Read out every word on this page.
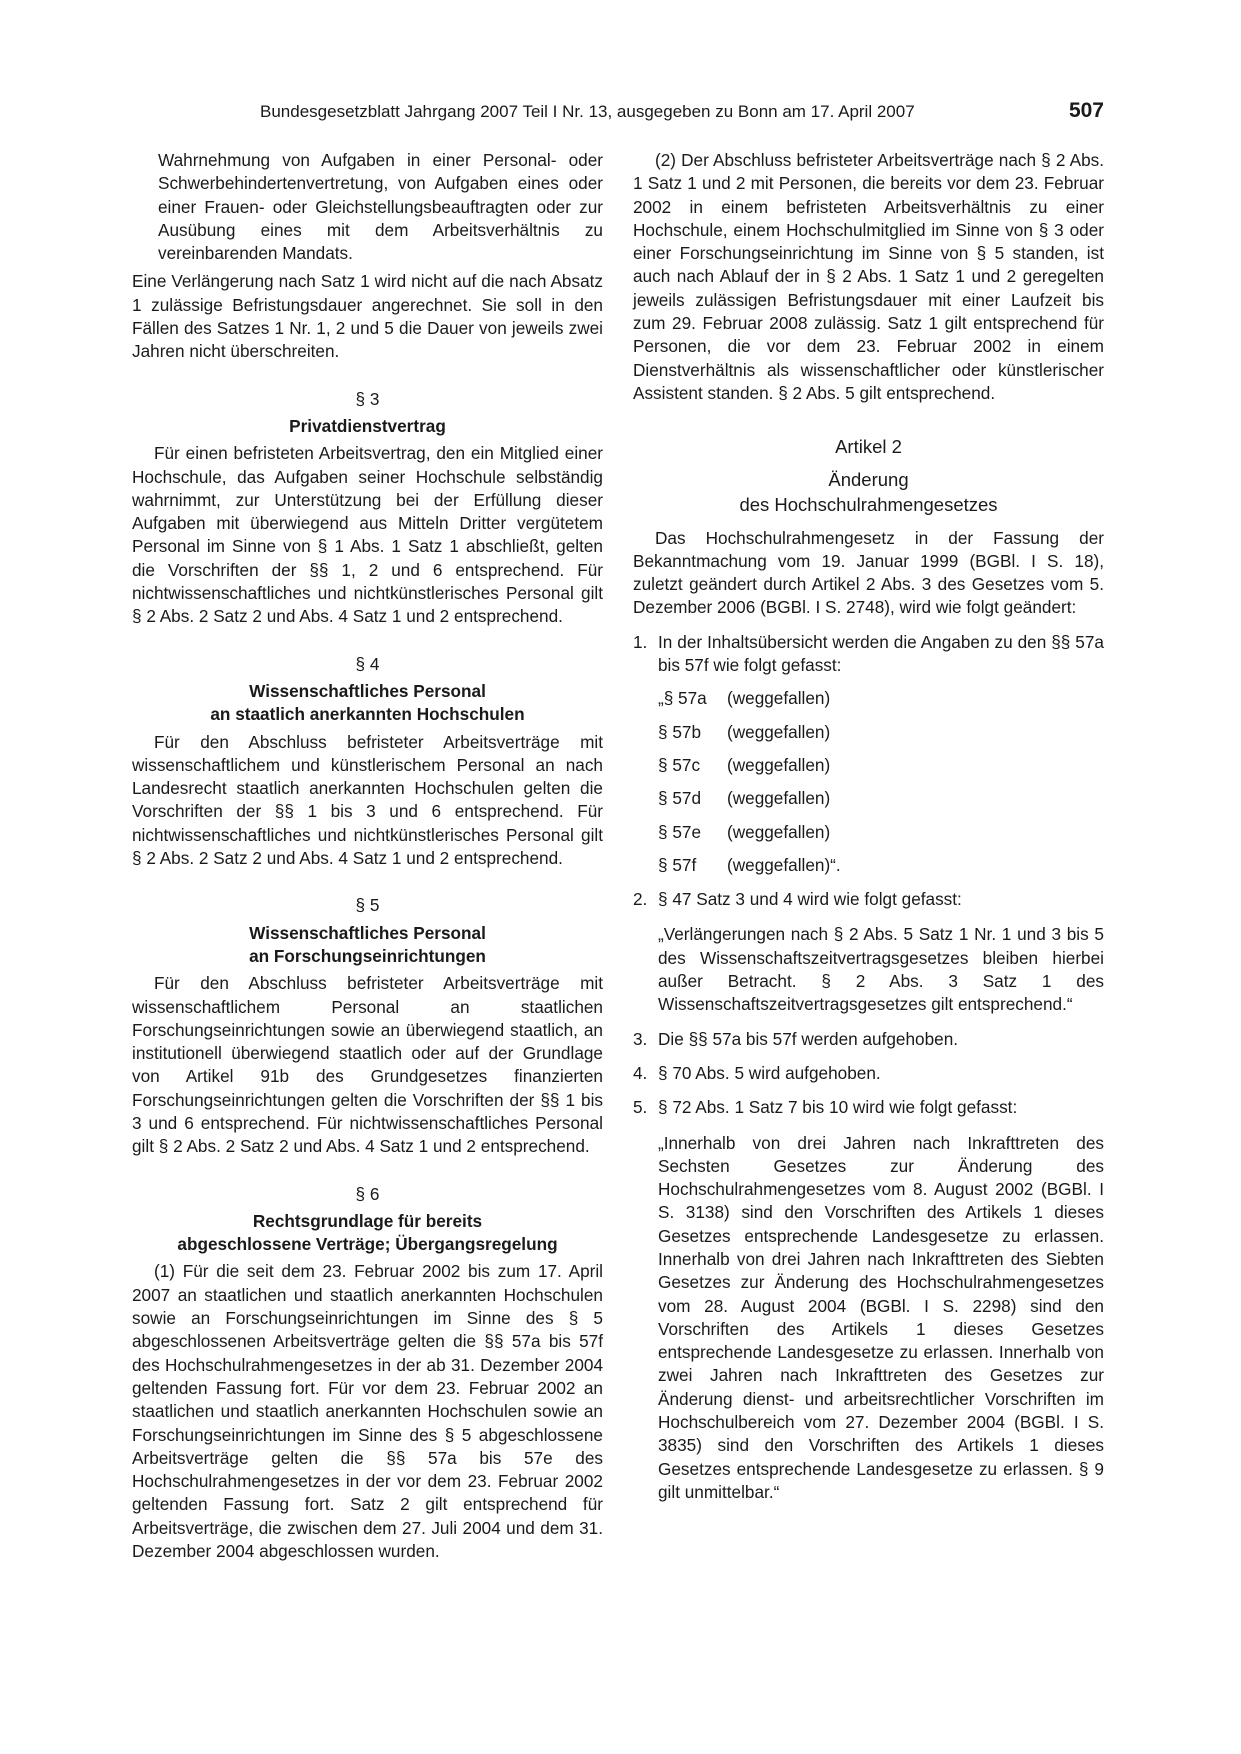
Bundesgesetzblatt Jahrgang 2007 Teil I Nr. 13, ausgegeben zu Bonn am 17. April 2007	507

Wahrnehmung von Aufgaben in einer Personal- oder Schwerbehindertenvertretung, von Aufgaben eines oder einer Frauen- oder Gleichstellungsbeauftragten oder zur Ausübung eines mit dem Arbeitsverhältnis zu vereinbarenden Mandats.

Eine Verlängerung nach Satz 1 wird nicht auf die nach Absatz 1 zulässige Befristungsdauer angerechnet. Sie soll in den Fällen des Satzes 1 Nr. 1, 2 und 5 die Dauer von jeweils zwei Jahren nicht überschreiten.

§ 3

Privatdienstvertrag

Für einen befristeten Arbeitsvertrag, den ein Mitglied einer Hochschule, das Aufgaben seiner Hochschule selbständig wahrnimmt, zur Unterstützung bei der Erfüllung dieser Aufgaben mit überwiegend aus Mitteln Dritter vergütetem Personal im Sinne von § 1 Abs. 1 Satz 1 abschließt, gelten die Vorschriften der §§ 1, 2 und 6 entsprechend. Für nichtwissenschaftliches und nichtkünstlerisches Personal gilt § 2 Abs. 2 Satz 2 und Abs. 4 Satz 1 und 2 entsprechend.

§ 4

Wissenschaftliches Personal
an staatlich anerkannten Hochschulen

Für den Abschluss befristeter Arbeitsverträge mit wissenschaftlichem und künstlerischem Personal an nach Landesrecht staatlich anerkannten Hochschulen gelten die Vorschriften der §§ 1 bis 3 und 6 entsprechend. Für nichtwissenschaftliches und nichtkünstlerisches Personal gilt § 2 Abs. 2 Satz 2 und Abs. 4 Satz 1 und 2 entsprechend.

§ 5

Wissenschaftliches Personal
an Forschungseinrichtungen

Für den Abschluss befristeter Arbeitsverträge mit wissenschaftlichem Personal an staatlichen Forschungseinrichtungen sowie an überwiegend staatlich, an institutionell überwiegend staatlich oder auf der Grundlage von Artikel 91b des Grundgesetzes finanzierten Forschungseinrichtungen gelten die Vorschriften der §§ 1 bis 3 und 6 entsprechend. Für nichtwissenschaftliches Personal gilt § 2 Abs. 2 Satz 2 und Abs. 4 Satz 1 und 2 entsprechend.

§ 6

Rechtsgrundlage für bereits
abgeschlossene Verträge; Übergangsregelung

(1) Für die seit dem 23. Februar 2002 bis zum 17. April 2007 an staatlichen und staatlich anerkannten Hochschulen sowie an Forschungseinrichtungen im Sinne des § 5 abgeschlossenen Arbeitsverträge gelten die §§ 57a bis 57f des Hochschulrahmengesetzes in der ab 31. Dezember 2004 geltenden Fassung fort. Für vor dem 23. Februar 2002 an staatlichen und staatlich anerkannten Hochschulen sowie an Forschungseinrichtungen im Sinne des § 5 abgeschlossene Arbeitsverträge gelten die §§ 57a bis 57e des Hochschulrahmengesetzes in der vor dem 23. Februar 2002 geltenden Fassung fort. Satz 2 gilt entsprechend für Arbeitsverträge, die zwischen dem 27. Juli 2004 und dem 31. Dezember 2004 abgeschlossen wurden.

(2) Der Abschluss befristeter Arbeitsverträge nach § 2 Abs. 1 Satz 1 und 2 mit Personen, die bereits vor dem 23. Februar 2002 in einem befristeten Arbeitsverhältnis zu einer Hochschule, einem Hochschulmitglied im Sinne von § 3 oder einer Forschungseinrichtung im Sinne von § 5 standen, ist auch nach Ablauf der in § 2 Abs. 1 Satz 1 und 2 geregelten jeweils zulässigen Befristungsdauer mit einer Laufzeit bis zum 29. Februar 2008 zulässig. Satz 1 gilt entsprechend für Personen, die vor dem 23. Februar 2002 in einem Dienstverhältnis als wissenschaftlicher oder künstlerischer Assistent standen. § 2 Abs. 5 gilt entsprechend.

Artikel 2

Änderung
des Hochschulrahmengesetzes

Das Hochschulrahmengesetz in der Fassung der Bekanntmachung vom 19. Januar 1999 (BGBl. I S. 18), zuletzt geändert durch Artikel 2 Abs. 3 des Gesetzes vom 5. Dezember 2006 (BGBl. I S. 2748), wird wie folgt geändert:

1. In der Inhaltsübersicht werden die Angaben zu den §§ 57a bis 57f wie folgt gefasst:
„§ 57a	(weggefallen)
§ 57b	(weggefallen)
§ 57c	(weggefallen)
§ 57d	(weggefallen)
§ 57e	(weggefallen)
§ 57f	(weggefallen)“.
2. § 47 Satz 3 und 4 wird wie folgt gefasst:

„Verlängerungen nach § 2 Abs. 5 Satz 1 Nr. 1 und 3 bis 5 des Wissenschaftszeitvertragsgesetzes bleiben hierbei außer Betracht. § 2 Abs. 3 Satz 1 des Wissenschaftszeitvertragsgesetzes gilt entsprechend.“

3. Die §§ 57a bis 57f werden aufgehoben.
4. § 70 Abs. 5 wird aufgehoben.
5. § 72 Abs. 1 Satz 7 bis 10 wird wie folgt gefasst:

„Innerhalb von drei Jahren nach Inkrafttreten des Sechsten Gesetzes zur Änderung des Hochschulrahmengesetzes vom 8. August 2002 (BGBl. I S. 3138) sind den Vorschriften des Artikels 1 dieses Gesetzes entsprechende Landesgesetze zu erlassen. Innerhalb von drei Jahren nach Inkrafttreten des Siebten Gesetzes zur Änderung des Hochschulrahmengesetzes vom 28. August 2004 (BGBl. I S. 2298) sind den Vorschriften des Artikels 1 dieses Gesetzes entsprechende Landesgesetze zu erlassen. Innerhalb von zwei Jahren nach Inkrafttreten des Gesetzes zur Änderung dienst- und arbeitsrechtlicher Vorschriften im Hochschulbereich vom 27. Dezember 2004 (BGBl. I S. 3835) sind den Vorschriften des Artikels 1 dieses Gesetzes entsprechende Landesgesetze zu erlassen. § 9 gilt unmittelbar.“
